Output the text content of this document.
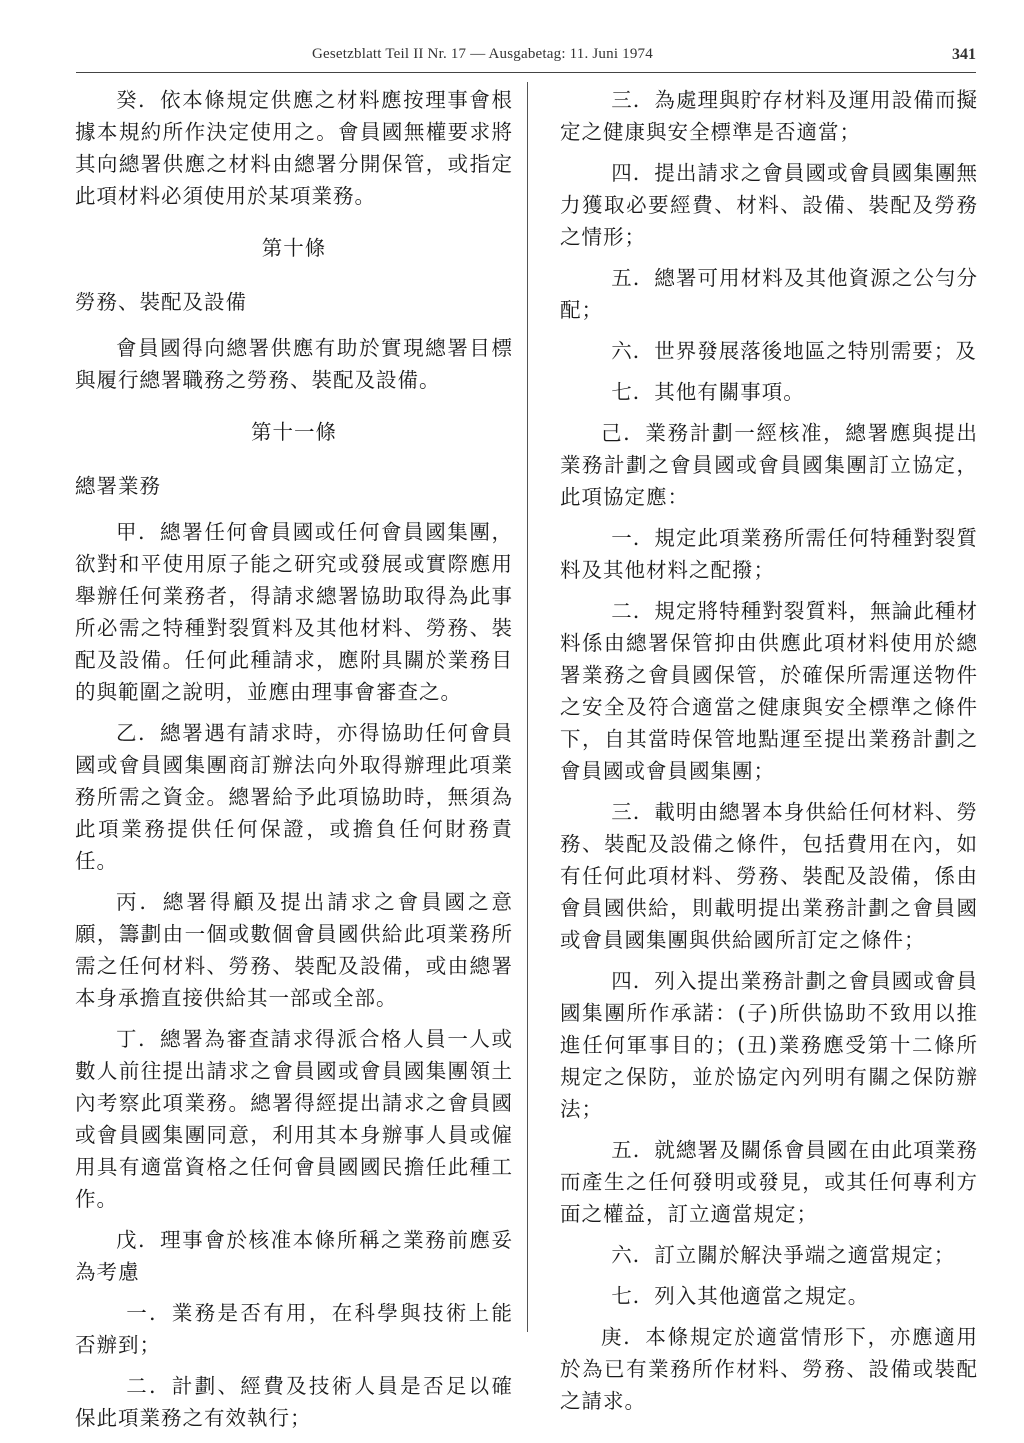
Gesetzblatt Teil II Nr. 17 — Ausgabetag: 11. Juni 1974	341

癸．依本條規定供應之材料應按理事會根據本規約所作決定使用之。會員國無權要求將其向總署供應之材料由總署分開保管，或指定此項材料必須使用於某項業務。

第十條

勞務、裝配及設備

會員國得向總署供應有助於實現總署目標與履行總署職務之勞務、裝配及設備。

第十一條

總署業務

甲．總署任何會員國或任何會員國集團，欲對和平使用原子能之研究或發展或實際應用舉辦任何業務者，得請求總署協助取得為此事所必需之特種對裂質料及其他材料、勞務、裝配及設備。任何此種請求，應附具關於業務目的與範圍之說明，並應由理事會審查之。

乙．總署遇有請求時，亦得協助任何會員國或會員國集團商訂辦法向外取得辦理此項業務所需之資金。總署給予此項協助時，無須為此項業務提供任何保證，或擔負任何財務責任。

丙．總署得顧及提出請求之會員國之意願，籌劃由一個或數個會員國供給此項業務所需之任何材料、勞務、裝配及設備，或由總署本身承擔直接供給其一部或全部。

丁．總署為審查請求得派合格人員一人或數人前往提出請求之會員國或會員國集團領土內考察此項業務。總署得經提出請求之會員國或會員國集團同意，利用其本身辦事人員或僱用具有適當資格之任何會員國國民擔任此種工作。

戊．理事會於核准本條所稱之業務前應妥為考慮

一．業務是否有用，在科學與技術上能否辦到；

二．計劃、經費及技術人員是否足以確保此項業務之有效執行；

三．為處理與貯存材料及運用設備而擬定之健康與安全標準是否適當；

四．提出請求之會員國或會員國集團無力獲取必要經費、材料、設備、裝配及勞務之情形；

五．總署可用材料及其他資源之公勻分配；

六．世界發展落後地區之特別需要；及

七．其他有關事項。

己．業務計劃一經核准，總署應與提出業務計劃之會員國或會員國集團訂立協定，此項協定應：

一．規定此項業務所需任何特種對裂質料及其他材料之配撥；

二．規定將特種對裂質料，無論此種材料係由總署保管抑由供應此項材料使用於總署業務之會員國保管，於確保所需運送物件之安全及符合適當之健康與安全標準之條件下，自其當時保管地點運至提出業務計劃之會員國或會員國集團；

三．載明由總署本身供給任何材料、勞務、裝配及設備之條件，包括費用在內，如有任何此項材料、勞務、裝配及設備，係由會員國供給，則載明提出業務計劃之會員國或會員國集團與供給國所訂定之條件；

四．列入提出業務計劃之會員國或會員國集團所作承諾：(子)所供協助不致用以推進任何軍事目的；(丑)業務應受第十二條所規定之保防，並於協定內列明有關之保防辦法；

五．就總署及關係會員國在由此項業務而產生之任何發明或發見，或其任何專利方面之權益，訂立適當規定；

六．訂立關於解決爭端之適當規定；

七．列入其他適當之規定。

庚．本條規定於適當情形下，亦應適用於為已有業務所作材料、勞務、設備或裝配之請求。
